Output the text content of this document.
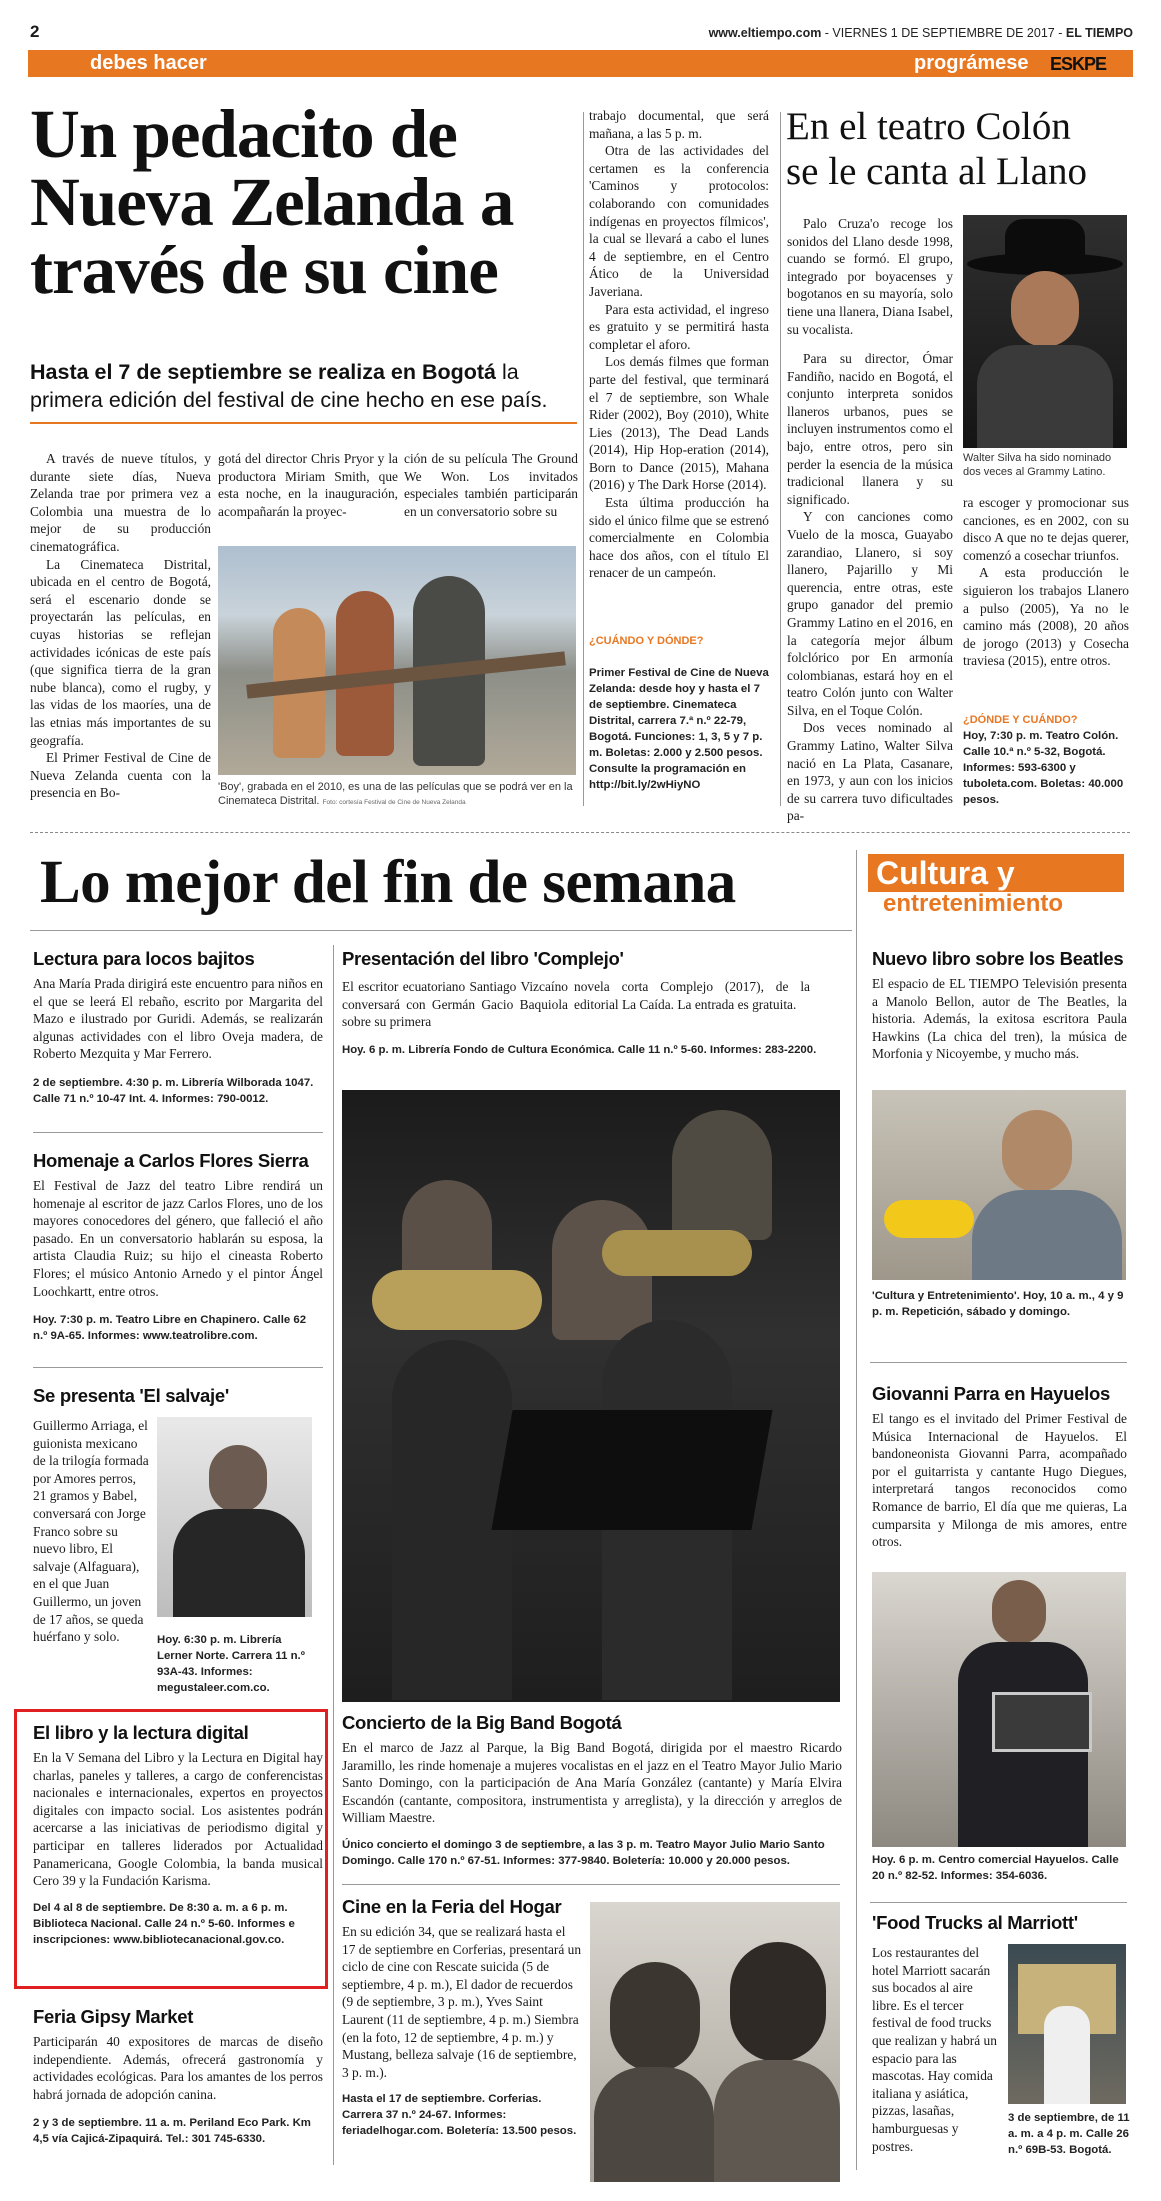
2	www.eltiempo.com - VIERNES 1 DE SEPTIEMBRE DE 2017 - EL TIEMPO
debes hacer	prográmese ESKPE
Un pedacito de
Nueva Zelanda a
través de su cine
Hasta el 7 de septiembre se realiza en Bogotá la primera edición del festival de cine hecho en ese país.

A través de nueve títulos, y durante siete días, Nueva Zelanda trae por primera vez a Colombia una muestra de lo mejor de su producción cinematográfica.

La Cinemateca Distrital, ubicada en el centro de Bogotá, será el escenario donde se proyectarán las películas, en cuyas historias se reflejan actividades icónicas de este país (que significa tierra de la gran nube blanca), como el rugby, y las vidas de los maoríes, una de las etnias más importantes de su geografía.

El Primer Festival de Cine de Nueva Zelanda cuenta con la presencia en Bo-

gotá del director Chris Pryor y la productora Miriam Smith, que esta noche, en la inauguración, acompañarán la proyec-

ción de su película The Ground We Won. Los invitados especiales también participarán en un conversatorio sobre su

'Boy', grabada en el 2010, es una de las películas que se podrá ver en la Cinemateca Distrital. Foto: cortesía Festival de Cine de Nueva Zelanda

trabajo documental, que será mañana, a las 5 p. m.

Otra de las actividades del certamen es la conferencia 'Caminos y protocolos: colaborando con comunidades indígenas en proyectos fílmicos', la cual se llevará a cabo el lunes 4 de septiembre, en el Centro Ático de la Universidad Javeriana.

Para esta actividad, el ingreso es gratuito y se permitirá hasta completar el aforo.

Los demás filmes que forman parte del festival, que terminará el 7 de septiembre, son Whale Rider (2002), Boy (2010), White Lies (2013), The Dead Lands (2014), Hip Hop-eration (2014), Born to Dance (2015), Mahana (2016) y The Dark Horse (2014).

Esta última producción ha sido el único filme que se estrenó comercialmente en Colombia hace dos años, con el título El renacer de un campeón.

¿CUÁNDO Y DÓNDE?
Primer Festival de Cine de Nueva Zelanda: desde hoy y hasta el 7 de septiembre. Cinemateca Distrital, carrera 7.ª n.º 22-79, Bogotá. Funciones: 1, 3, 5 y 7 p. m. Boletas: 2.000 y 2.500 pesos. Consulte la programación en http://bit.ly/2wHiyNO
En el teatro Colón
se le canta al Llano

Palo Cruza'o recoge los sonidos del Llano desde 1998, cuando se formó. El grupo, integrado por boyacenses y bogotanos en su mayoría, solo tiene una llanera, Diana Isabel, su vocalista.

Para su director, Ómar Fandiño, nacido en Bogotá, el conjunto interpreta sonidos llaneros urbanos, pues se incluyen instrumentos como el bajo, entre otros, pero sin perder la esencia de la música tradicional llanera y su significado.

Y con canciones como Vuelo de la mosca, Guayabo zarandiao, Llanero, si soy llanero, Pajarillo y Mi querencia, entre otras, este grupo ganador del premio Grammy Latino en el 2016, en la categoría mejor álbum folclórico por En armonía colombianas, estará hoy en el teatro Colón junto con Walter Silva, en el Toque Colón.

Dos veces nominado al Grammy Latino, Walter Silva nació en La Plata, Casanare, en 1973, y aun con los inicios de su carrera tuvo dificultades pa-

Walter Silva ha sido nominado dos veces al Grammy Latino.

ra escoger y promocionar sus canciones, es en 2002, con su disco A que no te dejas querer, comenzó a cosechar triunfos.

A esta producción le siguieron los trabajos Llanero a pulso (2005), Ya no le camino más (2008), 20 años de jorogo (2013) y Cosecha traviesa (2015), entre otros.

¿DÓNDE Y CUÁNDO?
Hoy, 7:30 p. m. Teatro Colón. Calle 10.ª n.º 5-32, Bogotá. Informes: 593-6300 y tuboleta.com. Boletas: 40.000 pesos.
Lo mejor del fin de semana	Cultura y
entretenimiento
Lectura para locos bajitos
Ana María Prada dirigirá este encuentro para niños en el que se leerá El rebaño, escrito por Margarita del Mazo e ilustrado por Guridi. Además, se realizarán algunas actividades con el libro Oveja madera, de Roberto Mezquita y Mar Ferrero.
2 de septiembre. 4:30 p. m. Librería Wilborada 1047. Calle 71 n.º 10-47 Int. 4. Informes: 790-0012.
Homenaje a Carlos Flores Sierra
El Festival de Jazz del teatro Libre rendirá un homenaje al escritor de jazz Carlos Flores, uno de los mayores conocedores del género, que falleció el año pasado. En un conversatorio hablarán su esposa, la artista Claudia Ruiz; su hijo el cineasta Roberto Flores; el músico Antonio Arnedo y el pintor Ángel Loochkartt, entre otros.
Hoy. 7:30 p. m. Teatro Libre en Chapinero. Calle 62 n.º 9A-65. Informes: www.teatrolibre.com.
Se presenta 'El salvaje'
Guillermo Arriaga, el guionista mexicano de la trilogía formada por Amores perros, 21 gramos y Babel, conversará con Jorge Franco sobre su nuevo libro, El salvaje (Alfaguara), en el que Juan Guillermo, un joven de 17 años, se queda huérfano y solo.	Hoy. 6:30 p. m. Librería Lerner Norte. Carrera 11 n.º 93A-43. Informes: megustaleer.com.co.
El libro y la lectura digital
En la V Semana del Libro y la Lectura en Digital hay charlas, paneles y talleres, a cargo de conferencistas nacionales e internacionales, expertos en proyectos digitales con impacto social. Los asistentes podrán acercarse a las iniciativas de periodismo digital y participar en talleres liderados por Actualidad Panamericana, Google Colombia, la banda musical Cero 39 y la Fundación Karisma.
Del 4 al 8 de septiembre. De 8:30 a. m. a 6 p. m. Biblioteca Nacional. Calle 24 n.º 5-60. Informes e inscripciones: www.bibliotecanacional.gov.co.
Feria Gipsy Market
Participarán 40 expositores de marcas de diseño independiente. Además, ofrecerá gastronomía y actividades ecológicas. Para los amantes de los perros habrá jornada de adopción canina.
2 y 3 de septiembre. 11 a. m. Periland Eco Park. Km 4,5 vía Cajicá-Zipaquirá. Tel.: 301 745-6330.
Presentación del libro 'Complejo'
El escritor ecuatoriano Santiago Vizcaíno conversará con Germán Gacio Baquiola sobre su primera
novela corta Complejo (2017), de la editorial La Caída. La entrada es gratuita.
Hoy. 6 p. m. Librería Fondo de Cultura Económica. Calle 11 n.º 5-60. Informes: 283-2200.
Concierto de la Big Band Bogotá
En el marco de Jazz al Parque, la Big Band Bogotá, dirigida por el maestro Ricardo Jaramillo, les rinde homenaje a mujeres vocalistas en el jazz en el Teatro Mayor Julio Mario Santo Domingo, con la participación de Ana María González (cantante) y María Elvira Escandón (cantante, compositora, instrumentista y arreglista), y la dirección y arreglos de William Maestre.
Único concierto el domingo 3 de septiembre, a las 3 p. m. Teatro Mayor Julio Mario Santo Domingo. Calle 170 n.º 67-51. Informes: 377-9840. Boletería: 10.000 y 20.000 pesos.
Cine en la Feria del Hogar
En su edición 34, que se realizará hasta el 17 de septiembre en Corferias, presentará un ciclo de cine con Rescate suicida (5 de septiembre, 4 p. m.), El dador de recuerdos (9 de septiembre, 3 p. m.), Yves Saint Laurent (11 de septiembre, 4 p. m.) Siembra (en la foto, 12 de septiembre, 4 p. m.) y Mustang, belleza salvaje (16 de septiembre, 3 p. m.).
Hasta el 17 de septiembre. Corferias. Carrera 37 n.º 24-67. Informes: feriadelhogar.com. Boletería: 13.500 pesos.
Nuevo libro sobre los Beatles
El espacio de EL TIEMPO Televisión presenta a Manolo Bellon, autor de The Beatles, la historia. Además, la exitosa escritora Paula Hawkins (La chica del tren), la música de Morfonia y Nicoyembe, y mucho más.
'Cultura y Entretenimiento'. Hoy, 10 a. m., 4 y 9 p. m. Repetición, sábado y domingo.
Giovanni Parra en Hayuelos
El tango es el invitado del Primer Festival de Música Internacional de Hayuelos. El bandoneonista Giovanni Parra, acompañado por el guitarrista y cantante Hugo Diegues, interpretará tangos reconocidos como Romance de barrio, El día que me quieras, La cumparsita y Milonga de mis amores, entre otros.
Hoy. 6 p. m. Centro comercial Hayuelos. Calle 20 n.º 82-52. Informes: 354-6036.
'Food Trucks al Marriott'
Los restaurantes del hotel Marriott sacarán sus bocados al aire libre. Es el tercer festival de food trucks que realizan y habrá un espacio para las mascotas. Hay comida italiana y asiática, pizzas, lasañas, hamburguesas y postres.
3 de septiembre, de 11 a. m. a 4 p. m. Calle 26 n.º 69B-53. Bogotá.
